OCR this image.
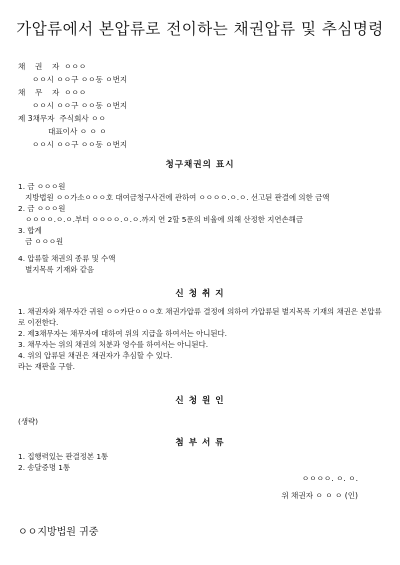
가압류에서 본압류로 전이하는 채권압류 및 추심명령
채    권    자 ㅇㅇㅇ
ㅇㅇ시 ㅇㅇ구 ㅇㅇ동 ㅇ번지
채    무    자 ㅇㅇㅇ
ㅇㅇ시 ㅇㅇ구 ㅇㅇ동 ㅇ번지
제 3채무자 주식회사 ㅇㅇ
대표이사 ㅇ ㅇ ㅇ
ㅇㅇ시 ㅇㅇ구 ㅇㅇ동 ㅇ번지
청구채권의 표시
1. 금 ㅇㅇㅇ원
지방법원 ㅇㅇ가소ㅇㅇㅇ호 대여금청구사건에 관하여 ㅇㅇㅇㅇ.ㅇ.ㅇ. 선고된 판결에 의한 금액
2. 금 ㅇㅇㅇ원
ㅇㅇㅇㅇ.ㅇ.ㅇ.부터 ㅇㅇㅇㅇ.ㅇ.ㅇ.까지 연 2할 5푼의 비율에 의해 산정한 지연손해금
3. 합계
금 ㅇㅇㅇ원
4. 압류할 채권의 종류 및 수액
별지목록 기재와 같음
신 청 취 지
1. 채권자와 채무자간 귀원 ㅇㅇ카단ㅇㅇㅇ호 채권가압류 결정에 의하여 가압류된 별지목록 기재의 채권은 본압류로 이전한다.
2. 제3채무자는 채무자에 대하여 위의 지급을 하여서는 아니된다.
3. 채무자는 위의 채권의 처분과 영수를 하여서는 아니된다.
4. 위의 압류된 채권은 채권자가 추심할 수 있다.
라는 재판을 구함.
신 청 원 인
(생략)
첨 부 서 류
1. 집행력있는 판결정본 1통
2. 송달증명 1통
ㅇㅇㅇㅇ. ㅇ. ㅇ.
위 채권자 ㅇ ㅇ ㅇ (인)
ㅇㅇ지방법원 귀중
